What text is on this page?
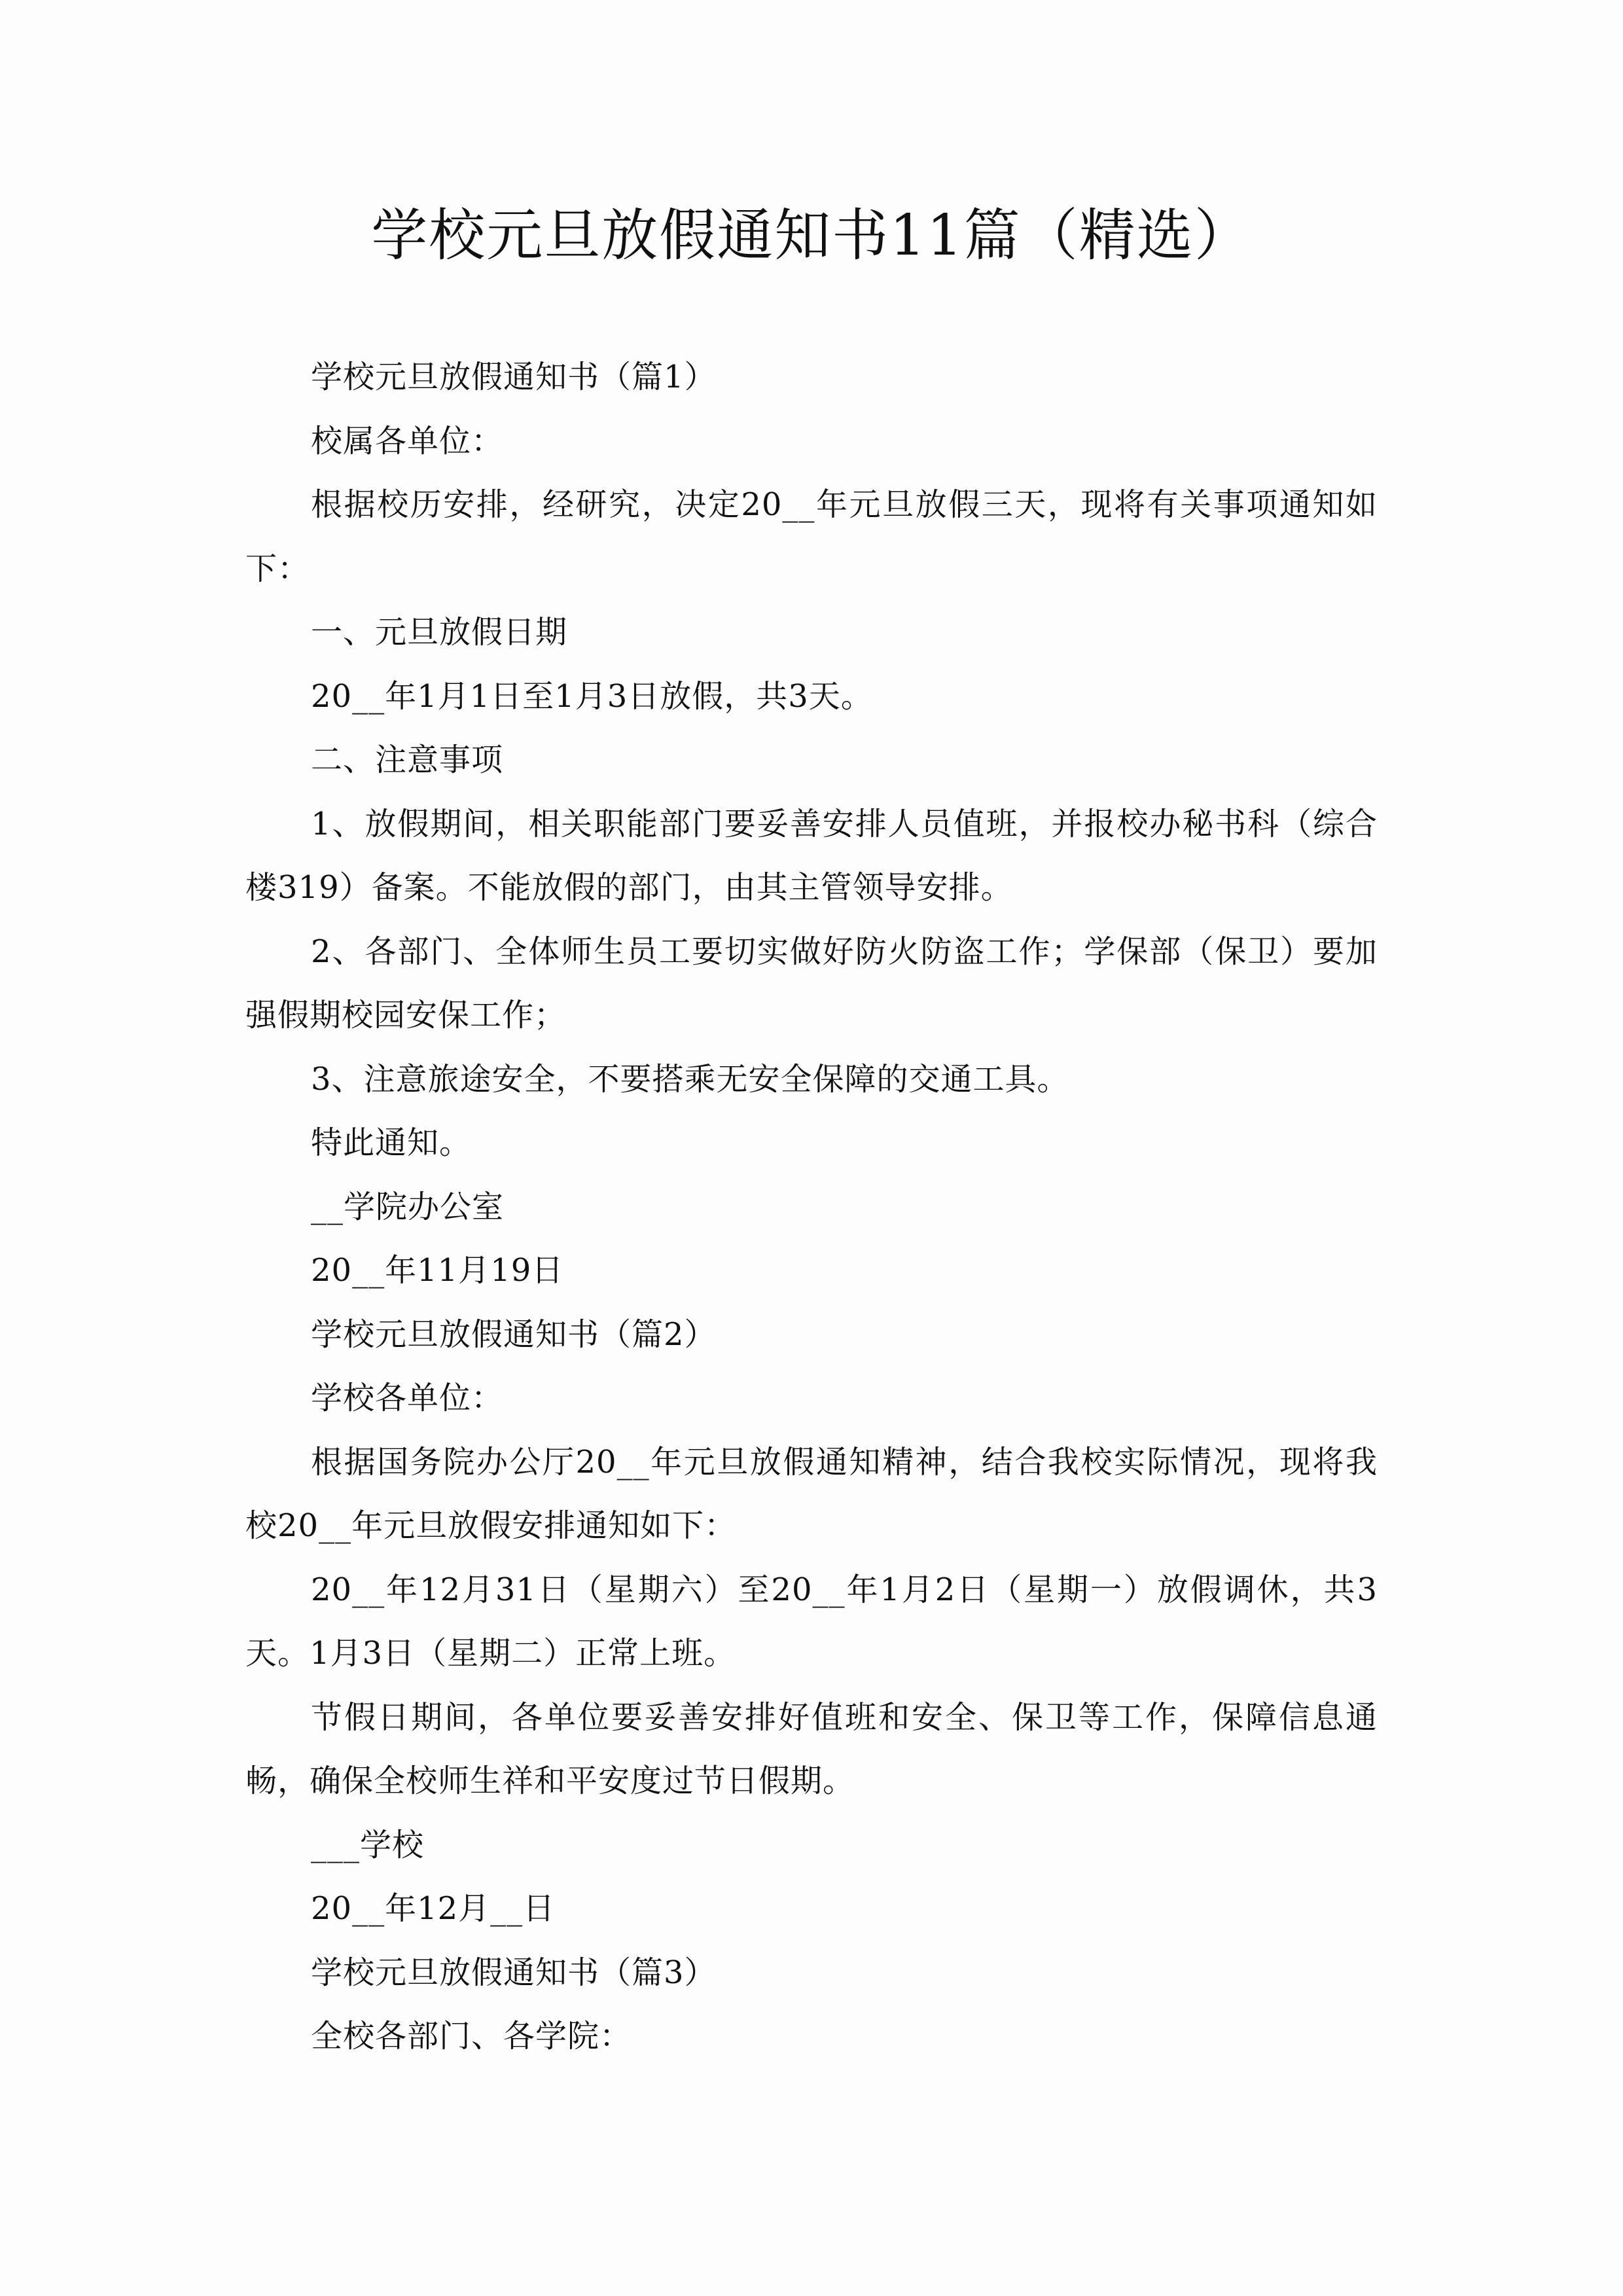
学校元旦放假通知书11篇（精选）

学校元旦放假通知书（篇1）

校属各单位：

根据校历安排，经研究，决定20__年元旦放假三天，现将有关事项通知如下：

一、元旦放假日期

20__年1月1日至1月3日放假，共3天。

二、注意事项

1、放假期间，相关职能部门要妥善安排人员值班，并报校办秘书科（综合楼319）备案。不能放假的部门，由其主管领导安排。

2、各部门、全体师生员工要切实做好防火防盗工作；学保部（保卫）要加强假期校园安保工作；

3、注意旅途安全，不要搭乘无安全保障的交通工具。

特此通知。

__学院办公室

20__年11月19日

学校元旦放假通知书（篇2）

学校各单位：

根据国务院办公厅20__年元旦放假通知精神，结合我校实际情况，现将我校20__年元旦放假安排通知如下：

20__年12月31日（星期六）至20__年1月2日（星期一）放假调休，共3天。1月3日（星期二）正常上班。

节假日期间，各单位要妥善安排好值班和安全、保卫等工作，保障信息通畅，确保全校师生祥和平安度过节日假期。

___学校

20__年12月__日

学校元旦放假通知书（篇3）

全校各部门、各学院：
